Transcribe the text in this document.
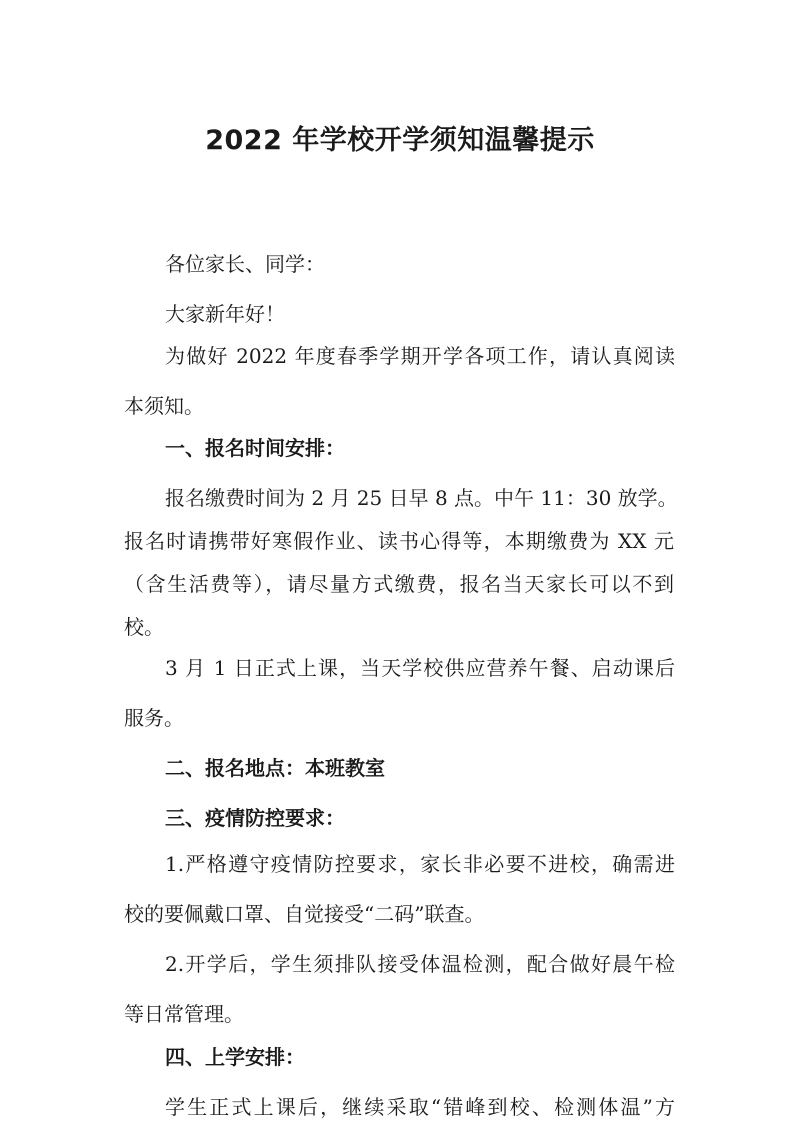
2022 年学校开学须知温馨提示
各位家长、同学：
大家新年好！
为做好 2022 年度春季学期开学各项工作，请认真阅读
本须知。
一、报名时间安排：
报名缴费时间为 2 月 25 日早 8 点。中午 11：30 放学。
报名时请携带好寒假作业、读书心得等，本期缴费为 XX 元
（含生活费等），请尽量方式缴费，报名当天家长可以不到
校。
3 月 1 日正式上课，当天学校供应营养午餐、启动课后
服务。
二、报名地点：本班教室
三、疫情防控要求：
1.严格遵守疫情防控要求，家长非必要不进校，确需进
校的要佩戴口罩、自觉接受“二码”联查。
2.开学后，学生须排队接受体温检测，配合做好晨午检
等日常管理。
四、上学安排：
学生正式上课后，继续采取“错峰到校、检测体温”方
